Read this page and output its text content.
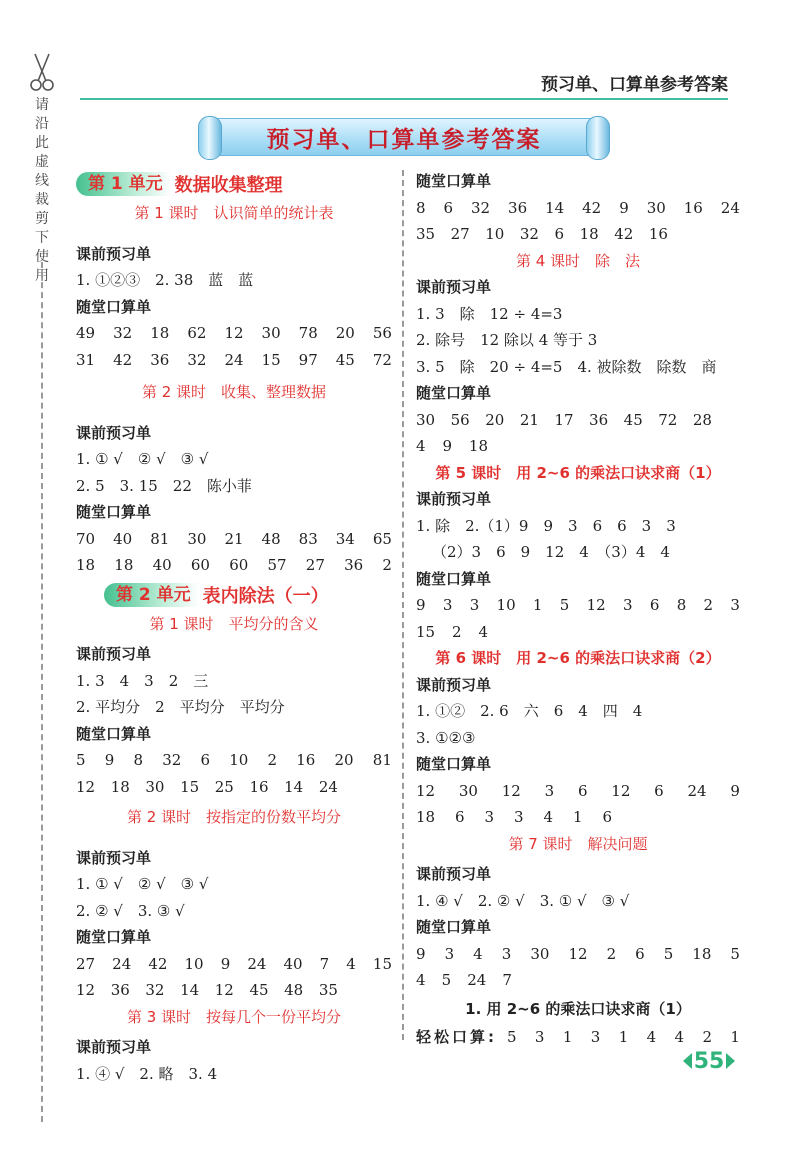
请沿此虚线裁剪下使用
预习单、口算单参考答案
预习单、口算单参考答案
第 1 单元 数据收集整理
第 1 课时　认识简单的统计表
课前预习单
1. ①②③　2. 38　蓝　蓝
随堂口算单
49 32 18 62 12 30 78 20 56
31 42 36 32 24 15 97 45 72
第 2 课时　收集、整理数据
课前预习单
1. ① √　② √　③ √
2. 5　3. 15　22　陈小菲
随堂口算单
70 40 81 30 21 48 83 34 65
18 18 40 60 60 57 27 36 2
第 2 单元 表内除法（一）
第 1 课时　平均分的含义
课前预习单
1. 3　4　3　2　三
2. 平均分　2　平均分　平均分
随堂口算单
5 9 8 32 6 10 2 16 20 81
12 18 30 15 25 16 14 24
第 2 课时　按指定的份数平均分
课前预习单
1. ① √　② √　③ √
2. ② √　3. ③ √
随堂口算单
27 24 42 10 9 24 40 7 4 15
12 36 32 14 12 45 48 35
第 3 课时　按每几个一份平均分
课前预习单
1. ④ √　2. 略　3. 4
随堂口算单
8 6 32 36 14 42 9 30 16 24
35 27 10 32 6 18 42 16
第 4 课时　除　法
课前预习单
1. 3　除　12 ÷ 4=3
2. 除号　12 除以 4 等于 3
3. 5　除　20 ÷ 4=5　4. 被除数　除数　商
随堂口算单
30 56 20 21 17 36 45 72 28
4 9 18
第 5 课时　用 2~6 的乘法口诀求商（1）
课前预习单
1. 除　2.（1）9　9　3　6　6　3　3
（2）3　6　9　12　4　（3）4　4
随堂口算单
9 3 3 10 1 5 12 3 6 8 2 3
15 2 4
第 6 课时　用 2~6 的乘法口诀求商（2）
课前预习单
1. ①②　2. 6　六　6　4　四　4
3. ①②③
随堂口算单
12 30 12 3 6 12 6 24 9
18 6 3 3 4 1 6
第 7 课时　解决问题
课前预习单
1. ④ √　2. ② √　3. ① √　③ √
随堂口算单
9 3 4 3 30 12 2 6 5 18 5
4 5 24 7
1. 用 2~6 的乘法口诀求商（1）
轻松口算: 5 3 1 3 1 4 4 2 1
55
